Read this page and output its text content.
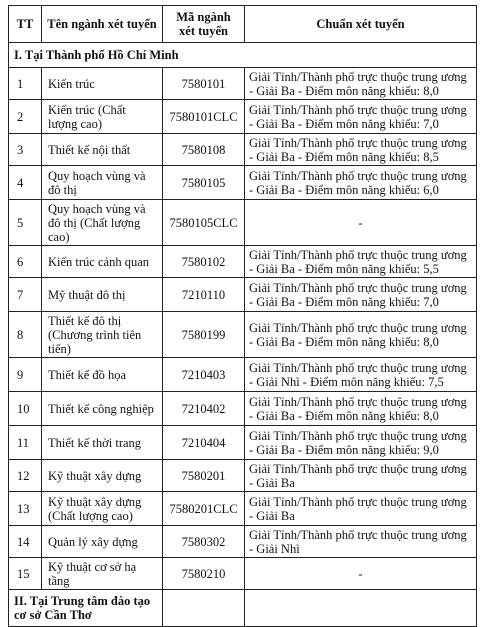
TT	Tên ngành xét tuyển	Mã ngành xét tuyển	Chuẩn xét tuyển
I. Tại Thành phố Hồ Chí Minh			
1	Kiến trúc	7580101	Giải Tỉnh/Thành phố trực thuộc trung ương
- Giải Ba - Điểm môn năng khiếu: 8,0

2	Kiến trúc (Chất lượng cao)	7580101CLC	Giải Tỉnh/Thành phố trực thuộc trung ương
- Giải Ba - Điểm môn năng khiếu: 7,0

3	Thiết kế nội thất	7580108	Giải Tỉnh/Thành phố trực thuộc trung ương
- Giải Ba - Điểm môn năng khiếu: 8,5

4	Quy hoạch vùng và đô thị	7580105	Giải Tỉnh/Thành phố trực thuộc trung ương
- Giải Ba - Điểm môn năng khiếu: 6,0

5	Quy hoạch vùng và đô thị (Chất lượng cao)	7580105CLC	-

6	Kiến trúc cảnh quan	7580102	Giải Tỉnh/Thành phố trực thuộc trung ương
- Giải Ba - Điểm môn năng khiếu: 5,5

7	Mỹ thuật đô thị	7210110	Giải Tỉnh/Thành phố trực thuộc trung ương
- Giải Ba - Điểm môn năng khiếu: 7,0

8	Thiết kế đô thị (Chương trình tiên tiến)	7580199	Giải Tỉnh/Thành phố trực thuộc trung ương
- Giải Ba - Điểm môn năng khiếu: 8,0

9	Thiết kế đồ họa	7210403	Giải Tỉnh/Thành phố trực thuộc trung ương
- Giải Nhì - Điểm môn năng khiếu: 7,5

10	Thiết kế công nghiệp	7210402	Giải Tỉnh/Thành phố trực thuộc trung ương
- Giải Ba - Điểm môn năng khiếu: 8,0

11	Thiết kế thời trang	7210404	Giải Tỉnh/Thành phố trực thuộc trung ương
- Giải Ba - Điểm môn năng khiếu: 9,0

12	Kỹ thuật xây dựng	7580201	Giải Tỉnh/Thành phố trực thuộc trung ương
- Giải Ba

13	Kỹ thuật xây dựng (Chất lượng cao)	7580201CLC	Giải Tỉnh/Thành phố trực thuộc trung ương
- Giải Ba

14	Quản lý xây dựng	7580302	Giải Tỉnh/Thành phố trực thuộc trung ương
- Giải Nhì

15	Kỹ thuật cơ sở hạ tầng	7580210	-

II. Tại Trung tâm đào tạo cơ sở Cần Thơ			
